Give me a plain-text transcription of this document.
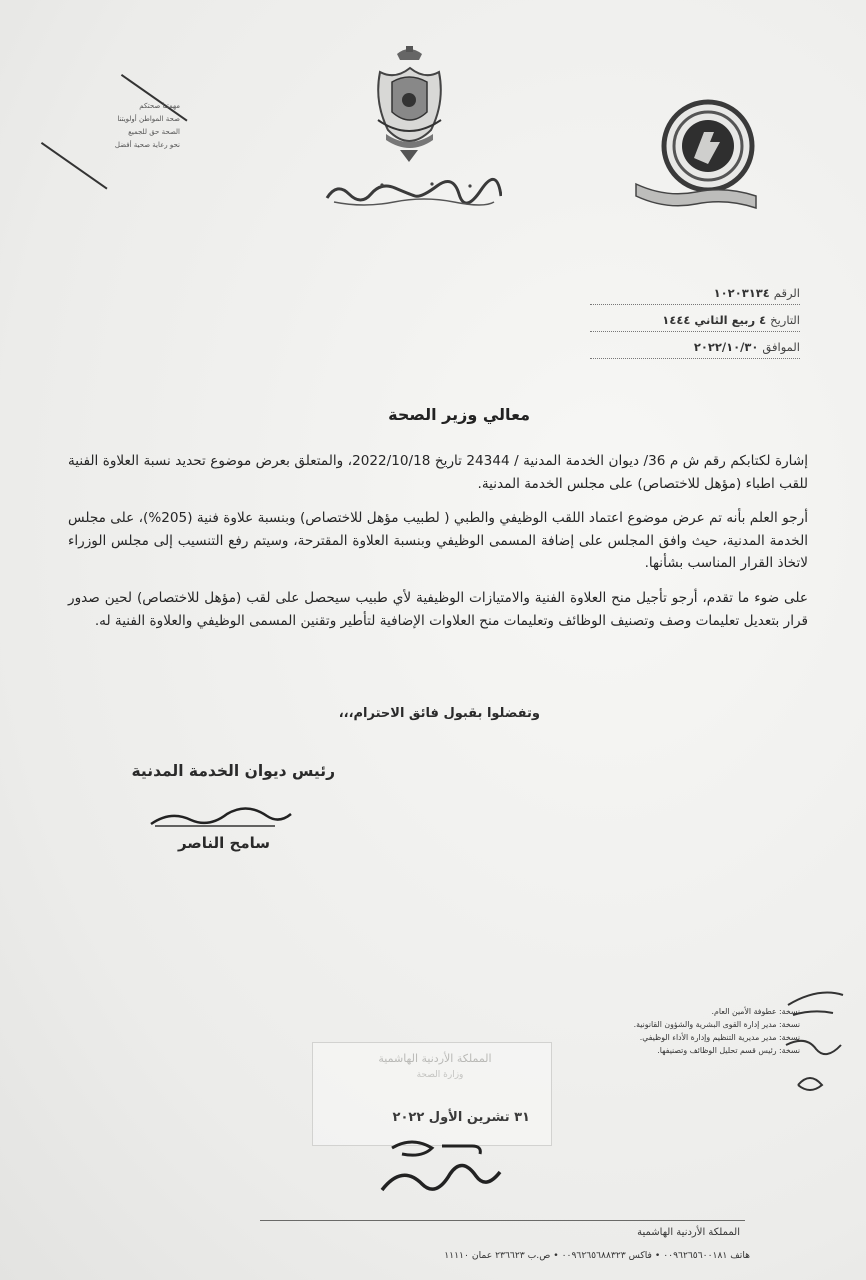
مهمتنا صحتكم
صحة المواطن أولويتنا
الصحة حق للجميع
نحو رعاية صحية أفضل
الرقم
١٠٢٠٣١٣٤
التاريخ
٤ ربيع الثاني ١٤٤٤
الموافق
٢٠٢٢/١٠/٣٠
معالي وزير الصحة

إشارة لكتابكم رقم ش م 36/ ديوان الخدمة المدنية / 24344 تاريخ 2022/10/18، والمتعلق بعرض موضوع تحديد نسبة العلاوة الفنية للقب اطباء (مؤهل للاختصاص) على مجلس الخدمة المدنية.

أرجو العلم بأنه تم عرض موضوع اعتماد اللقب الوظيفي والطبي ( لطبيب مؤهل للاختصاص) وبنسبة علاوة فنية (205%)، على مجلس الخدمة المدنية، حيث وافق المجلس على إضافة المسمى الوظيفي وبنسبة العلاوة المقترحة، وسيتم رفع التنسيب إلى مجلس الوزراء لاتخاذ القرار المناسب بشأنها.

على ضوء ما تقدم، أرجو تأجيل منح العلاوة الفنية والامتيازات الوظيفية لأي طبيب سيحصل على لقب (مؤهل للاختصاص) لحين صدور قرار بتعديل تعليمات وصف وتصنيف الوظائف وتعليمات منح العلاوات الإضافية لتأطير وتقنين المسمى الوظيفي والعلاوة الفنية له.

وتفضلوا بقبول فائق الاحترام،،،
رئيس ديوان الخدمة المدنية
سامح الناصر
نسخة: عطوفة الأمين العام.
نسخة: مدير إدارة القوى البشرية والشؤون القانونية.
نسخة: مدير مديرية التنظيم وإدارة الأداء الوظيفي.
نسخة: رئيس قسم تحليل الوظائف وتصنيفها.
المملكة الأردنية الهاشمية
وزارة الصحة
٣١ تشرين الأول ٢٠٢٢
المملكة الأردنية الهاشمية
هاتف ٠٠٩٦٢٦٥٦٠٠١٨١ • فاكس ٠٠٩٦٢٦٥٦٨٨٣٢٣ • ص.ب ٢٣٦٦٢٣ عمان ١١١١٠
